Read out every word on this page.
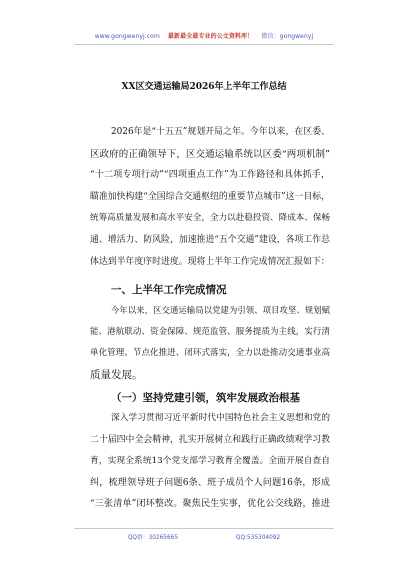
www.gongwenyj.com 最新最全最专业的公文资料库！ 微信：gongwenyj
XX区交通运输局2026年上半年工作总结
2026年是“十五五”规划开局之年。今年以来，在区委、
区政府的正确领导下，区交通运输系统以区委“两项机制”
“十二项专项行动”“四项重点工作”为工作路径和具体抓手，
瞄准加快构建“全国综合交通枢纽的重要节点城市”这一目标，
统筹高质量发展和高水平安全，全力以赴稳投资、降成本、保畅
通、增活力、防风险，加速推进“五个交通”建设，各项工作总
体达到半年度序时进度。现将上半年工作完成情况汇报如下：
一、上半年工作完成情况
今年以来，区交通运输局以党建为引领、项目攻坚、规划赋
能、港航联动、资金保障、规范监管、服务提质为主线，实行清
单化管理、节点化推进、闭环式落实，全力以赴推动交通事业高
质量发展。
（一）坚持党建引领，筑牢发展政治根基
深入学习贯彻习近平新时代中国特色社会主义思想和党的
二十届四中全会精神，扎实开展树立和践行正确政绩观学习教
育，实现全系统13个党支部学习教育全覆盖。全面开展自查自
纠，梳理领导班子问题6条、班子成员个人问题16条，形成
“三张清单”闭环整改。聚焦民生实事，优化公交线路，推进
QQ群：30265665	QQ:535304092
